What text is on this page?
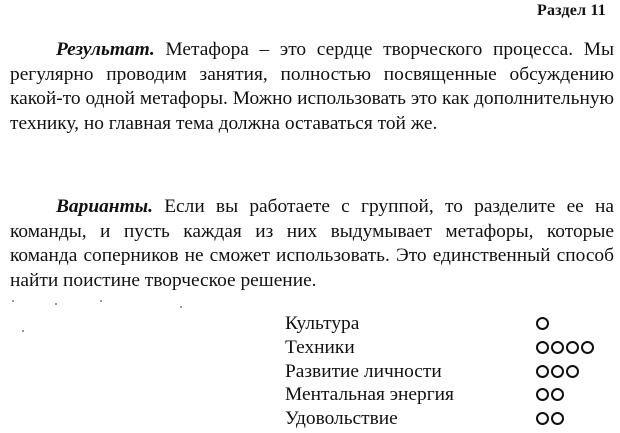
Раздел 11

Результат. Метафора – это сердце творческого процесса. Мы регулярно проводим занятия, полностью посвященные обсуждению какой-то одной метафоры. Можно использовать это как дополнительную технику, но главная тема должна оставаться той же.

Варианты. Если вы работаете с группой, то разделите ее на команды, и пусть каждая из них выдумывает метафоры, которые команда соперников не сможет использовать. Это единственный способ найти поистине творческое решение.

Культура
Техники
Развитие личности
Ментальная энергия
Удовольствие
